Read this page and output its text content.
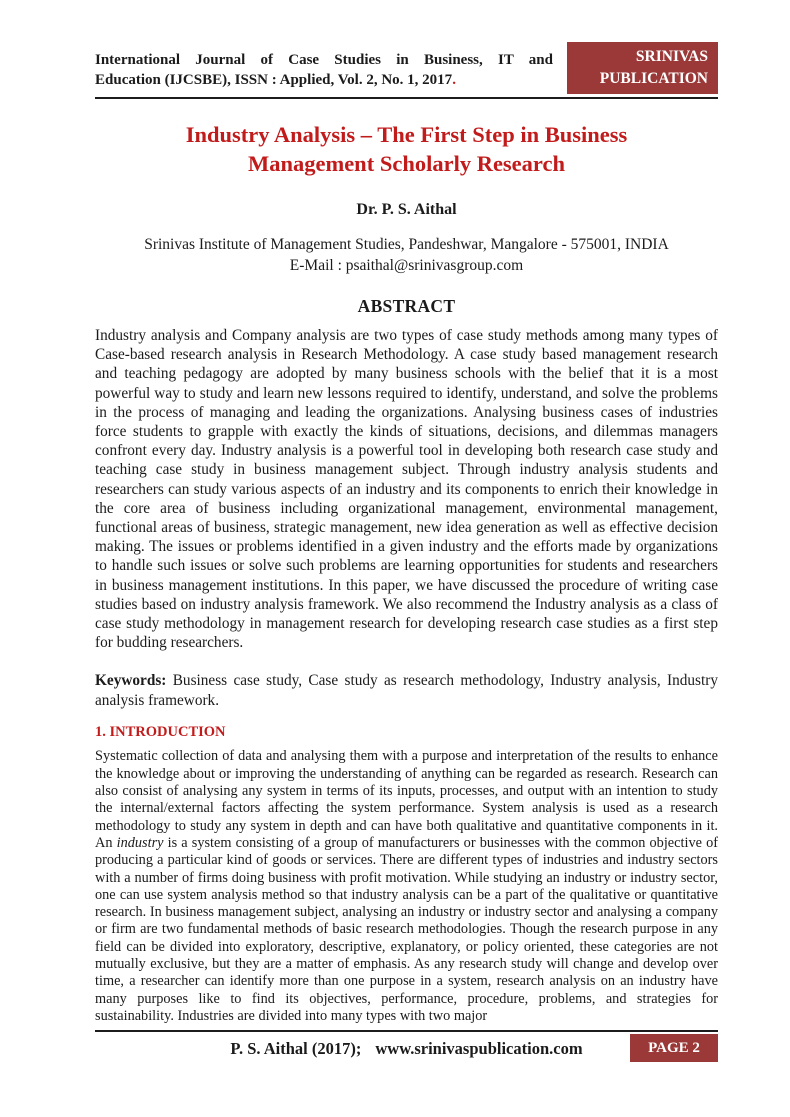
International Journal of Case Studies in Business, IT and
Education (IJCSBE), ISSN : Applied, Vol. 2, No. 1, 2017.
SRINIVAS PUBLICATION
Industry Analysis – The First Step in Business Management Scholarly Research
Dr. P. S. Aithal
Srinivas Institute of Management Studies, Pandeshwar, Mangalore - 575001, INDIA
E-Mail : psaithal@srinivasgroup.com
ABSTRACT

Industry analysis and Company analysis are two types of case study methods among many types of Case-based research analysis in Research Methodology. A case study based management research and teaching pedagogy are adopted by many business schools with the belief that it is a most powerful way to study and learn new lessons required to identify, understand, and solve the problems in the process of managing and leading the organizations. Analysing business cases of industries force students to grapple with exactly the kinds of situations, decisions, and dilemmas managers confront every day. Industry analysis is a powerful tool in developing both research case study and teaching case study in business management subject. Through industry analysis students and researchers can study various aspects of an industry and its components to enrich their knowledge in the core area of business including organizational management, environmental management, functional areas of business, strategic management, new idea generation as well as effective decision making. The issues or problems identified in a given industry and the efforts made by organizations to handle such issues or solve such problems are learning opportunities for students and researchers in business management institutions. In this paper, we have discussed the procedure of writing case studies based on industry analysis framework. We also recommend the Industry analysis as a class of case study methodology in management research for developing research case studies as a first step for budding researchers.

Keywords: Business case study, Case study as research methodology, Industry analysis, Industry analysis framework.

1. INTRODUCTION

Systematic collection of data and analysing them with a purpose and interpretation of the results to enhance the knowledge about or improving the understanding of anything can be regarded as research. Research can also consist of analysing any system in terms of its inputs, processes, and output with an intention to study the internal/external factors affecting the system performance. System analysis is used as a research methodology to study any system in depth and can have both qualitative and quantitative components in it. An industry is a system consisting of a group of manufacturers or businesses with the common objective of producing a particular kind of goods or services. There are different types of industries and industry sectors with a number of firms doing business with profit motivation. While studying an industry or industry sector, one can use system analysis method so that industry analysis can be a part of the qualitative or quantitative research. In business management subject, analysing an industry or industry sector and analysing a company or firm are two fundamental methods of basic research methodologies. Though the research purpose in any field can be divided into exploratory, descriptive, explanatory, or policy oriented, these categories are not mutually exclusive, but they are a matter of emphasis. As any research study will change and develop over time, a researcher can identify more than one purpose in a system, research analysis on an industry have many purposes like to find its objectives, performance, procedure, problems, and strategies for sustainability. Industries are divided into many types with two major

P. S. Aithal (2017); www.srinivaspublication.com	PAGE 2
